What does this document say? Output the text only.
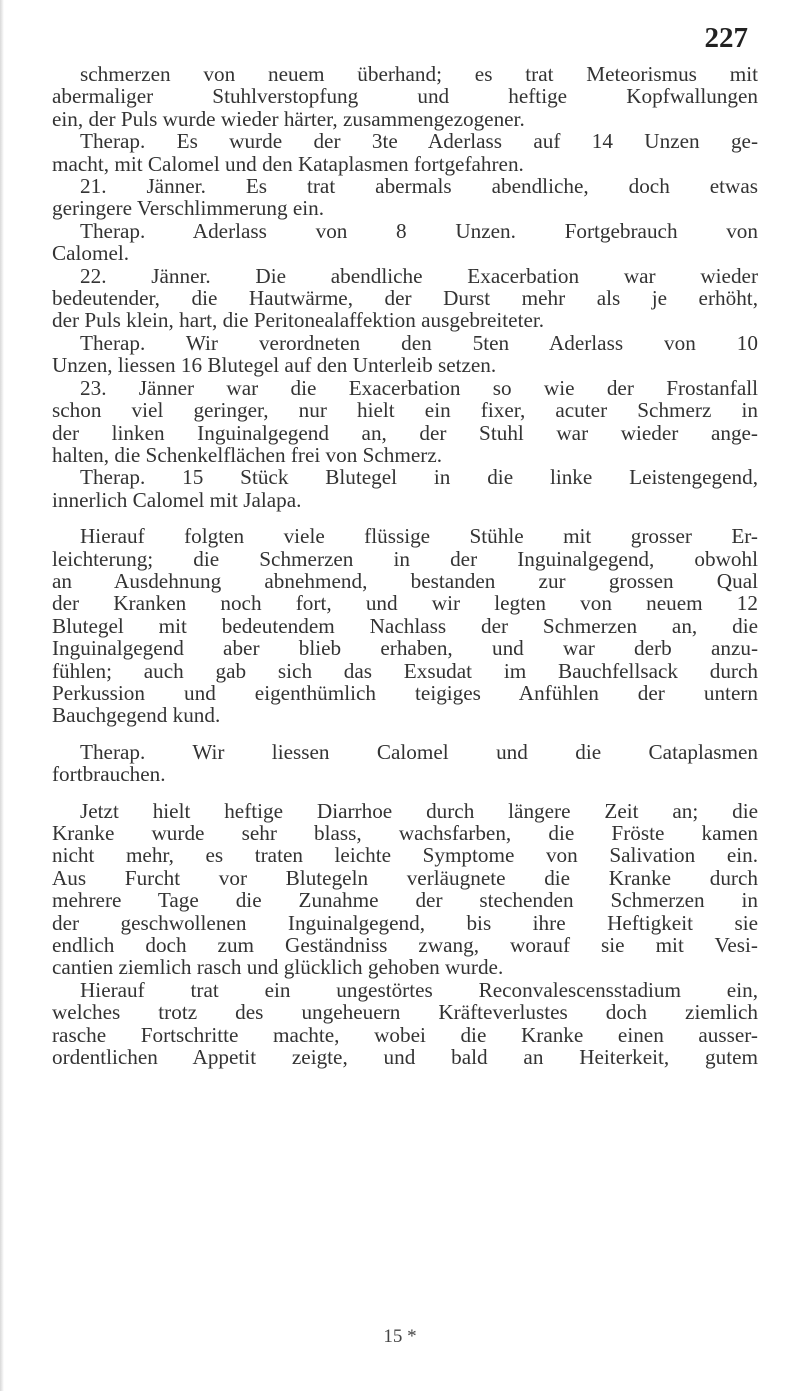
227

schmerzen von neuem überhand; es trat Meteorismus mit
abermaliger Stuhlverstopfung und heftige Kopfwallungen
ein, der Puls wurde wieder härter, zusammengezogener.

Therap. Es wurde der 3te Aderlass auf 14 Unzen ge-
macht, mit Calomel und den Kataplasmen fortgefahren.

21. Jänner. Es trat abermals abendliche, doch etwas
geringere Verschlimmerung ein.

Therap. Aderlass von 8 Unzen. Fortgebrauch von
Calomel.

22. Jänner. Die abendliche Exacerbation war wieder
bedeutender, die Hautwärme, der Durst mehr als je erhöht,
der Puls klein, hart, die Peritonealaffektion ausgebreiteter.

Therap. Wir verordneten den 5ten Aderlass von 10
Unzen, liessen 16 Blutegel auf den Unterleib setzen.

23. Jänner war die Exacerbation so wie der Frostanfall
schon viel geringer, nur hielt ein fixer, acuter Schmerz in
der linken Inguinalgegend an, der Stuhl war wieder ange-
halten, die Schenkelflächen frei von Schmerz.

Therap. 15 Stück Blutegel in die linke Leistengegend,
innerlich Calomel mit Jalapa.

Hierauf folgten viele flüssige Stühle mit grosser Er-
leichterung; die Schmerzen in der Inguinalgegend, obwohl
an Ausdehnung abnehmend, bestanden zur grossen Qual
der Kranken noch fort, und wir legten von neuem 12
Blutegel mit bedeutendem Nachlass der Schmerzen an, die
Inguinalgegend aber blieb erhaben, und war derb anzu-
fühlen; auch gab sich das Exsudat im Bauchfellsack durch
Perkussion und eigenthümlich teigiges Anfühlen der untern
Bauchgegend kund.

Therap. Wir liessen Calomel und die Cataplasmen
fortbrauchen.

Jetzt hielt heftige Diarrhoe durch längere Zeit an; die
Kranke wurde sehr blass, wachsfarben, die Fröste kamen
nicht mehr, es traten leichte Symptome von Salivation ein.
Aus Furcht vor Blutegeln verläugnete die Kranke durch
mehrere Tage die Zunahme der stechenden Schmerzen in
der geschwollenen Inguinalgegend, bis ihre Heftigkeit sie
endlich doch zum Geständniss zwang, worauf sie mit Vesi-
cantien ziemlich rasch und glücklich gehoben wurde.

Hierauf trat ein ungestörtes Reconvalescensstadium ein,
welches trotz des ungeheuern Kräfteverlustes doch ziemlich
rasche Fortschritte machte, wobei die Kranke einen ausser-
ordentlichen Appetit zeigte, und bald an Heiterkeit, gutem

15 *
